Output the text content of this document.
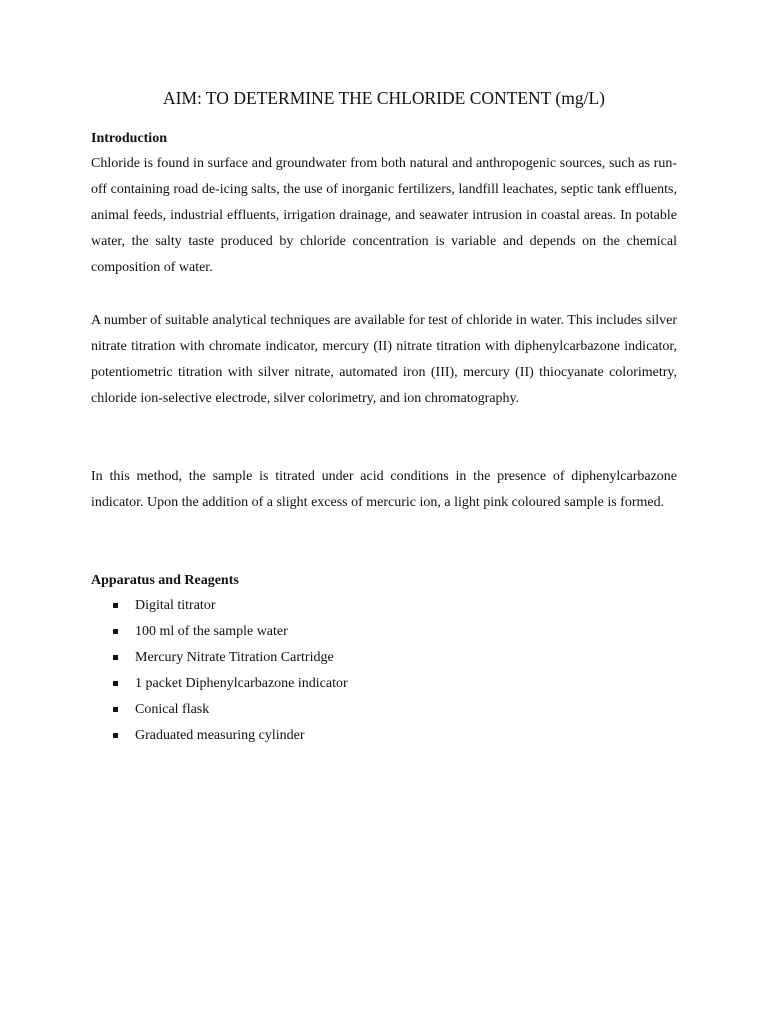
AIM: TO DETERMINE THE CHLORIDE CONTENT (mg/L)
Introduction

Chloride is found in surface and groundwater from both natural and anthropogenic sources, such as run-off containing road de-icing salts, the use of inorganic fertilizers, landfill leachates, septic tank effluents, animal feeds, industrial effluents, irrigation drainage, and seawater intrusion in coastal areas. In potable water, the salty taste produced by chloride concentration is variable and depends on the chemical composition of water.

A number of suitable analytical techniques are available for test of chloride in water. This includes silver nitrate titration with chromate indicator, mercury (II) nitrate titration with diphenylcarbazone indicator, potentiometric titration with silver nitrate, automated iron (III), mercury (II) thiocyanate colorimetry, chloride ion-selective electrode, silver colorimetry, and ion chromatography.

In this method, the sample is titrated under acid conditions in the presence of diphenylcarbazone indicator. Upon the addition of a slight excess of mercuric ion, a light pink coloured sample is formed.

Apparatus and Reagents
Digital titrator
100 ml of the sample water
Mercury Nitrate Titration Cartridge
1 packet Diphenylcarbazone indicator
Conical flask
Graduated measuring cylinder
